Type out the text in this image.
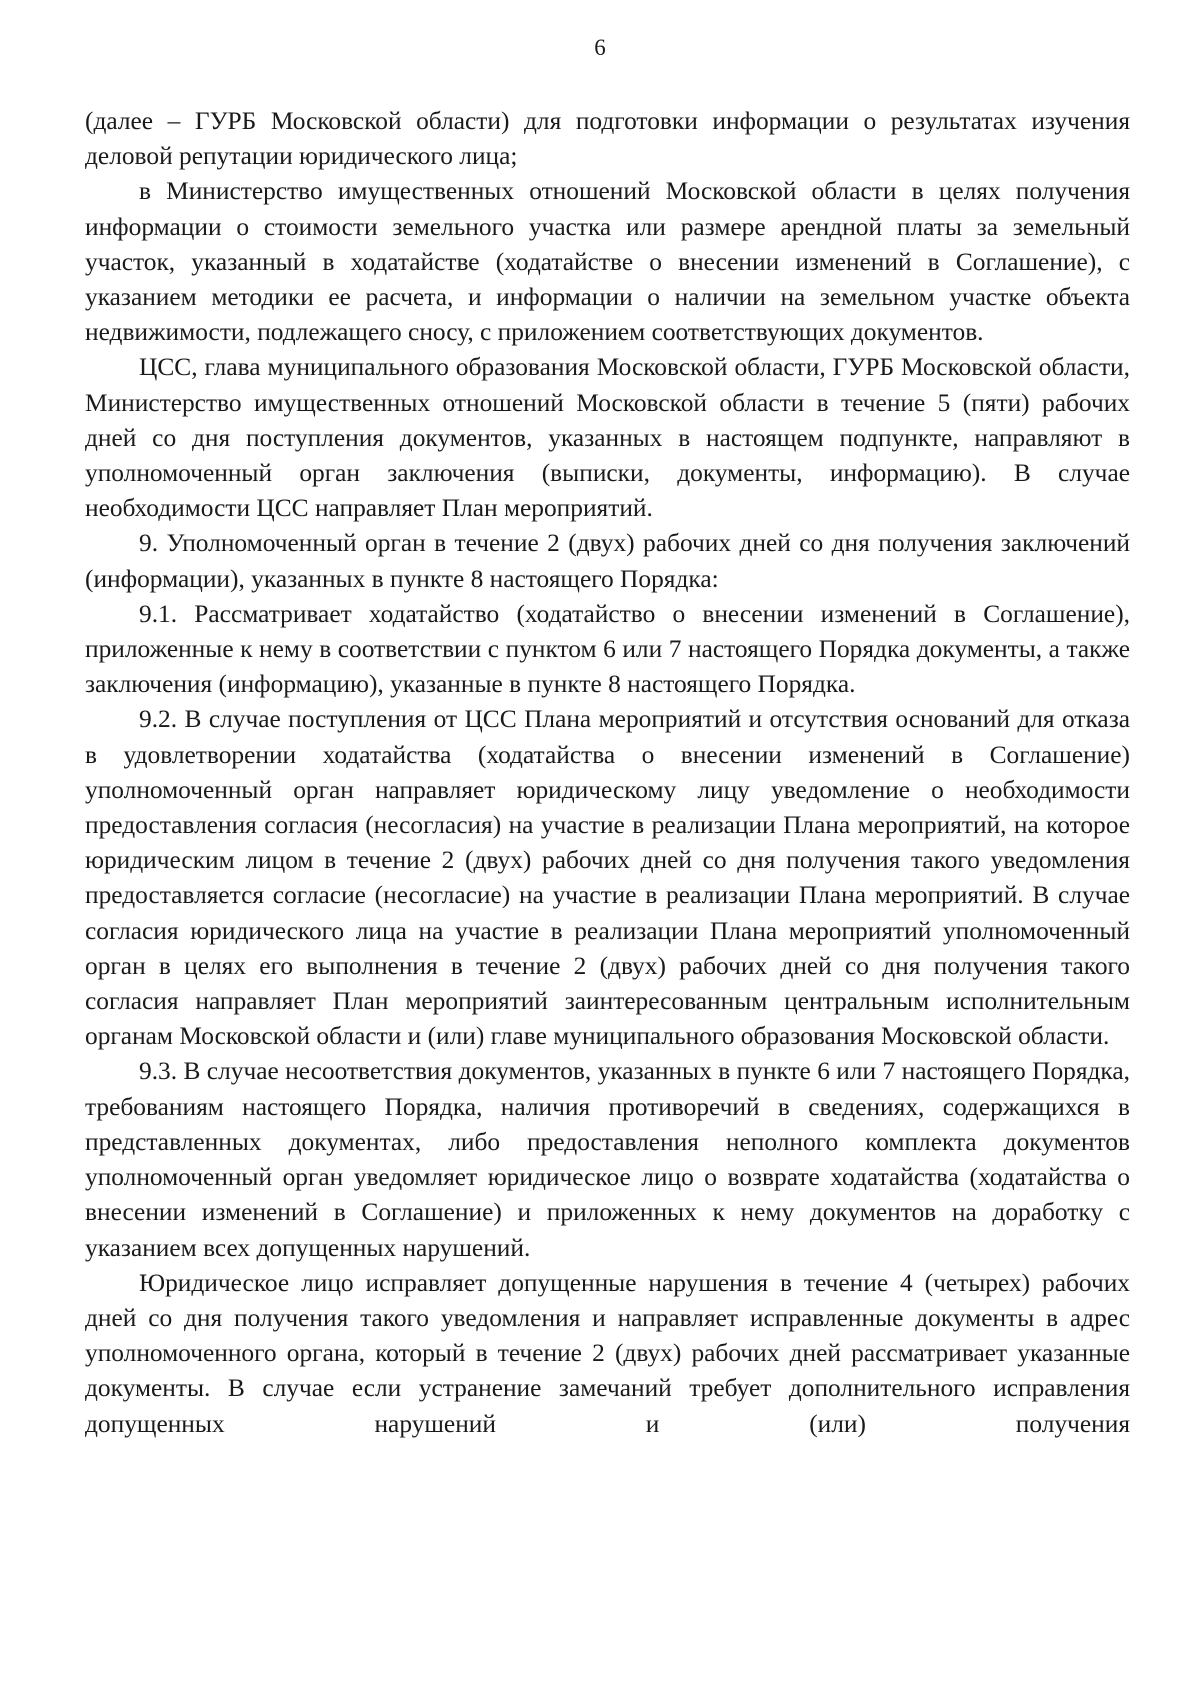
6

(далее – ГУРБ Московской области) для подготовки информации о результатах изучения деловой репутации юридического лица;

в Министерство имущественных отношений Московской области в целях получения информации о стоимости земельного участка или размере арендной платы за земельный участок, указанный в ходатайстве (ходатайстве о внесении изменений в Соглашение), с указанием методики ее расчета, и информации о наличии на земельном участке объекта недвижимости, подлежащего сносу, с приложением соответствующих документов.

ЦСС, глава муниципального образования Московской области, ГУРБ Московской области, Министерство имущественных отношений Московской области в течение 5 (пяти) рабочих дней со дня поступления документов, указанных в настоящем подпункте, направляют в уполномоченный орган заключения (выписки, документы, информацию). В случае необходимости ЦСС направляет План мероприятий.

9. Уполномоченный орган в течение 2 (двух) рабочих дней со дня получения заключений (информации), указанных в пункте 8 настоящего Порядка:

9.1. Рассматривает ходатайство (ходатайство о внесении изменений в Соглашение), приложенные к нему в соответствии с пунктом 6 или 7 настоящего Порядка документы, а также заключения (информацию), указанные в пункте 8 настоящего Порядка.

9.2. В случае поступления от ЦСС Плана мероприятий и отсутствия оснований для отказа в удовлетворении ходатайства (ходатайства о внесении изменений в Соглашение) уполномоченный орган направляет юридическому лицу уведомление о необходимости предоставления согласия (несогласия) на участие в реализации Плана мероприятий, на которое юридическим лицом в течение 2 (двух) рабочих дней со дня получения такого уведомления предоставляется согласие (несогласие) на участие в реализации Плана мероприятий. В случае согласия юридического лица на участие в реализации Плана мероприятий уполномоченный орган в целях его выполнения в течение 2 (двух) рабочих дней со дня получения такого согласия направляет План мероприятий заинтересованным центральным исполнительным органам Московской области и (или) главе муниципального образования Московской области.

9.3. В случае несоответствия документов, указанных в пункте 6 или 7 настоящего Порядка, требованиям настоящего Порядка, наличия противоречий в сведениях, содержащихся в представленных документах, либо предоставления неполного комплекта документов уполномоченный орган уведомляет юридическое лицо о возврате ходатайства (ходатайства о внесении изменений в Соглашение) и приложенных к нему документов на доработку с указанием всех допущенных нарушений.

Юридическое лицо исправляет допущенные нарушения в течение 4 (четырех) рабочих дней со дня получения такого уведомления и направляет исправленные документы в адрес уполномоченного органа, который в течение 2 (двух) рабочих дней рассматривает указанные документы. В случае если устранение замечаний требует дополнительного исправления допущенных нарушений и (или) получения
